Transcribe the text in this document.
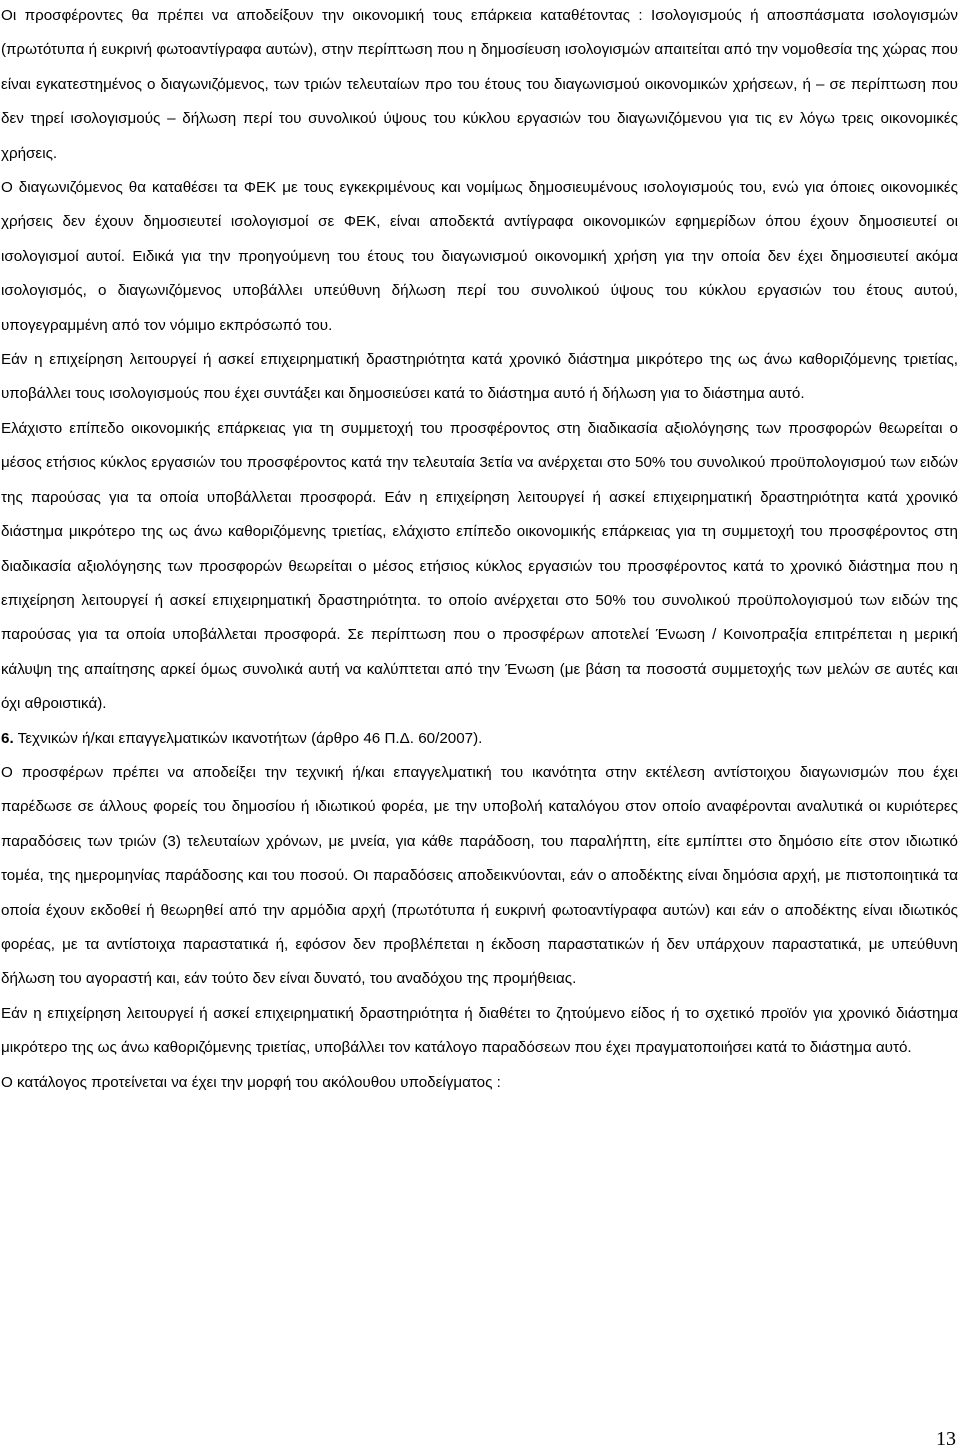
Οι προσφέροντες θα πρέπει να αποδείξουν την οικονομική τους επάρκεια καταθέτοντας : Ισολογισμούς ή αποσπάσματα ισολογισμών (πρωτότυπα ή ευκρινή φωτοαντίγραφα αυτών), στην περίπτωση που η δημοσίευση ισολογισμών απαιτείται από την νομοθεσία της χώρας που είναι εγκατεστημένος ο διαγωνιζόμενος, των τριών τελευταίων προ του έτους του διαγωνισμού οικονομικών χρήσεων, ή – σε περίπτωση που δεν τηρεί ισολογισμούς – δήλωση περί του συνολικού ύψους του κύκλου εργασιών του διαγωνιζόμενου για τις εν λόγω τρεις οικονομικές χρήσεις.

Ο διαγωνιζόμενος θα καταθέσει τα ΦΕΚ με τους εγκεκριμένους και νομίμως δημοσιευμένους ισολογισμούς του, ενώ για όποιες οικονομικές χρήσεις δεν έχουν δημοσιευτεί ισολογισμοί σε ΦΕΚ, είναι αποδεκτά αντίγραφα οικονομικών εφημερίδων όπου έχουν δημοσιευτεί οι ισολογισμοί αυτοί. Ειδικά για την προηγούμενη του έτους του διαγωνισμού οικονομική χρήση για την οποία δεν έχει δημοσιευτεί ακόμα ισολογισμός, ο διαγωνιζόμενος υποβάλλει υπεύθυνη δήλωση περί του συνολικού ύψους του κύκλου εργασιών του έτους αυτού, υπογεγραμμένη από τον νόμιμο εκπρόσωπό του.

Εάν η επιχείρηση λειτουργεί ή ασκεί επιχειρηματική δραστηριότητα κατά χρονικό διάστημα μικρότερο της ως άνω καθοριζόμενης τριετίας, υποβάλλει τους ισολογισμούς που έχει συντάξει και δημοσιεύσει κατά το διάστημα αυτό ή δήλωση για το διάστημα αυτό.

Ελάχιστο επίπεδο οικονομικής επάρκειας για τη συμμετοχή του προσφέροντος στη διαδικασία αξιολόγησης των προσφορών θεωρείται ο μέσος ετήσιος κύκλος εργασιών του προσφέροντος κατά την τελευταία 3ετία να ανέρχεται στο 50% του συνολικού προϋπολογισμού των ειδών της παρούσας για τα οποία υποβάλλεται προσφορά. Εάν η επιχείρηση λειτουργεί ή ασκεί επιχειρηματική δραστηριότητα κατά χρονικό διάστημα μικρότερο της ως άνω καθοριζόμενης τριετίας, ελάχιστο επίπεδο οικονομικής επάρκειας για τη συμμετοχή του προσφέροντος στη διαδικασία αξιολόγησης των προσφορών θεωρείται ο μέσος ετήσιος κύκλος εργασιών του προσφέροντος κατά το χρονικό διάστημα που η επιχείρηση λειτουργεί ή ασκεί επιχειρηματική δραστηριότητα. το οποίο ανέρχεται στο 50% του συνολικού προϋπολογισμού των ειδών της παρούσας για τα οποία υποβάλλεται προσφορά. Σε περίπτωση που ο προσφέρων αποτελεί Ένωση / Κοινοπραξία επιτρέπεται η μερική κάλυψη της απαίτησης αρκεί όμως συνολικά αυτή να καλύπτεται από την Ένωση (με βάση τα ποσοστά συμμετοχής των μελών σε αυτές και όχι αθροιστικά).

6. Τεχνικών ή/και επαγγελματικών ικανοτήτων (άρθρο 46 Π.Δ. 60/2007).

Ο προσφέρων πρέπει να αποδείξει την τεχνική ή/και επαγγελματική του ικανότητα στην εκτέλεση αντίστοιχου διαγωνισμών που έχει παρέδωσε σε άλλους φορείς του δημοσίου ή ιδιωτικού φορέα, με την υποβολή καταλόγου στον οποίο αναφέρονται αναλυτικά οι κυριότερες παραδόσεις των τριών (3) τελευταίων χρόνων, με μνεία, για κάθε παράδοση, του παραλήπτη, είτε εμπίπτει στο δημόσιο είτε στον ιδιωτικό τομέα, της ημερομηνίας παράδοσης και του ποσού. Οι παραδόσεις αποδεικνύονται, εάν ο αποδέκτης είναι δημόσια αρχή, με πιστοποιητικά τα οποία έχουν εκδοθεί ή θεωρηθεί από την αρμόδια αρχή (πρωτότυπα ή ευκρινή φωτοαντίγραφα αυτών) και εάν ο αποδέκτης είναι ιδιωτικός φορέας, με τα αντίστοιχα παραστατικά ή, εφόσον δεν προβλέπεται η έκδοση παραστατικών ή δεν υπάρχουν παραστατικά, με υπεύθυνη δήλωση του αγοραστή και, εάν τούτο δεν είναι δυνατό, του αναδόχου της προμήθειας.

Εάν η επιχείρηση λειτουργεί ή ασκεί επιχειρηματική δραστηριότητα ή διαθέτει το ζητούμενο είδος ή το σχετικό προϊόν για χρονικό διάστημα μικρότερο της ως άνω καθοριζόμενης τριετίας, υποβάλλει τον κατάλογο παραδόσεων που έχει πραγματοποιήσει κατά το διάστημα αυτό.

Ο κατάλογος προτείνεται να έχει την μορφή του ακόλουθου υποδείγματος :

13
